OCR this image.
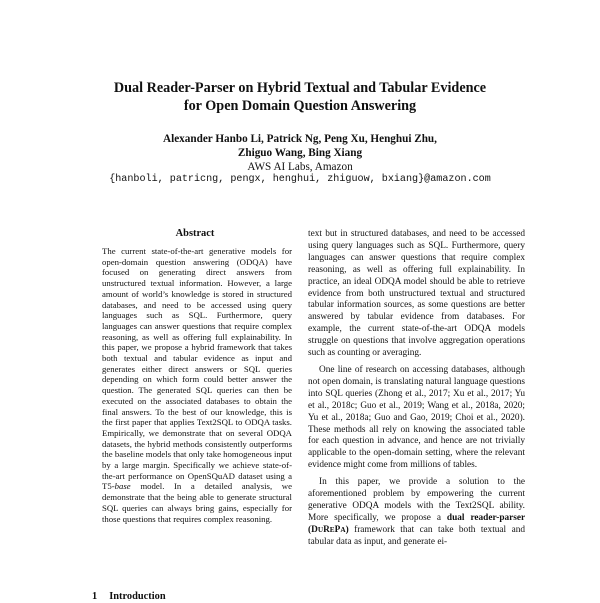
Dual Reader-Parser on Hybrid Textual and Tabular Evidence
for Open Domain Question Answering
Alexander Hanbo Li, Patrick Ng, Peng Xu, Henghui Zhu,
Zhiguo Wang, Bing Xiang
AWS AI Labs, Amazon
{hanboli, patricng, pengx, henghui, zhiguow, bxiang}@amazon.com
Abstract

The current state-of-the-art generative models for open-domain question answering (ODQA) have focused on generating direct answers from unstructured textual information. However, a large amount of world’s knowledge is stored in structured databases, and need to be accessed using query languages such as SQL. Furthermore, query languages can answer questions that require complex reasoning, as well as offering full explainability. In this paper, we propose a hybrid framework that takes both textual and tabular evidence as input and generates either direct answers or SQL queries depending on which form could better answer the question. The generated SQL queries can then be executed on the associated databases to obtain the final answers. To the best of our knowledge, this is the first paper that applies Text2SQL to ODQA tasks. Empirically, we demonstrate that on several ODQA datasets, the hybrid methods consistently outperforms the baseline models that only take homogeneous input by a large margin. Specifically we achieve state-of-the-art performance on OpenSQuAD dataset using a T5-base model. In a detailed analysis, we demonstrate that the being able to generate structural SQL queries can always bring gains, especially for those questions that requires complex reasoning.

text but in structured databases, and need to be accessed using query languages such as SQL. Furthermore, query languages can answer questions that require complex reasoning, as well as offering full explainability. In practice, an ideal ODQA model should be able to retrieve evidence from both unstructured textual and structured tabular information sources, as some questions are better answered by tabular evidence from databases. For example, the current state-of-the-art ODQA models struggle on questions that involve aggregation operations such as counting or averaging.

One line of research on accessing databases, although not open domain, is translating natural language questions into SQL queries (Zhong et al., 2017; Xu et al., 2017; Yu et al., 2018c; Guo et al., 2019; Wang et al., 2018a, 2020; Yu et al., 2018a; Guo and Gao, 2019; Choi et al., 2020). These methods all rely on knowing the associated table for each question in advance, and hence are not trivially applicable to the open-domain setting, where the relevant evidence might come from millions of tables.

In this paper, we provide a solution to the aforementioned problem by empowering the current generative ODQA models with the Text2SQL ability. More specifically, we propose a dual reader-parser (DUREPA) framework that can take both textual and tabular data as input, and generate ei-

1 Introduction
